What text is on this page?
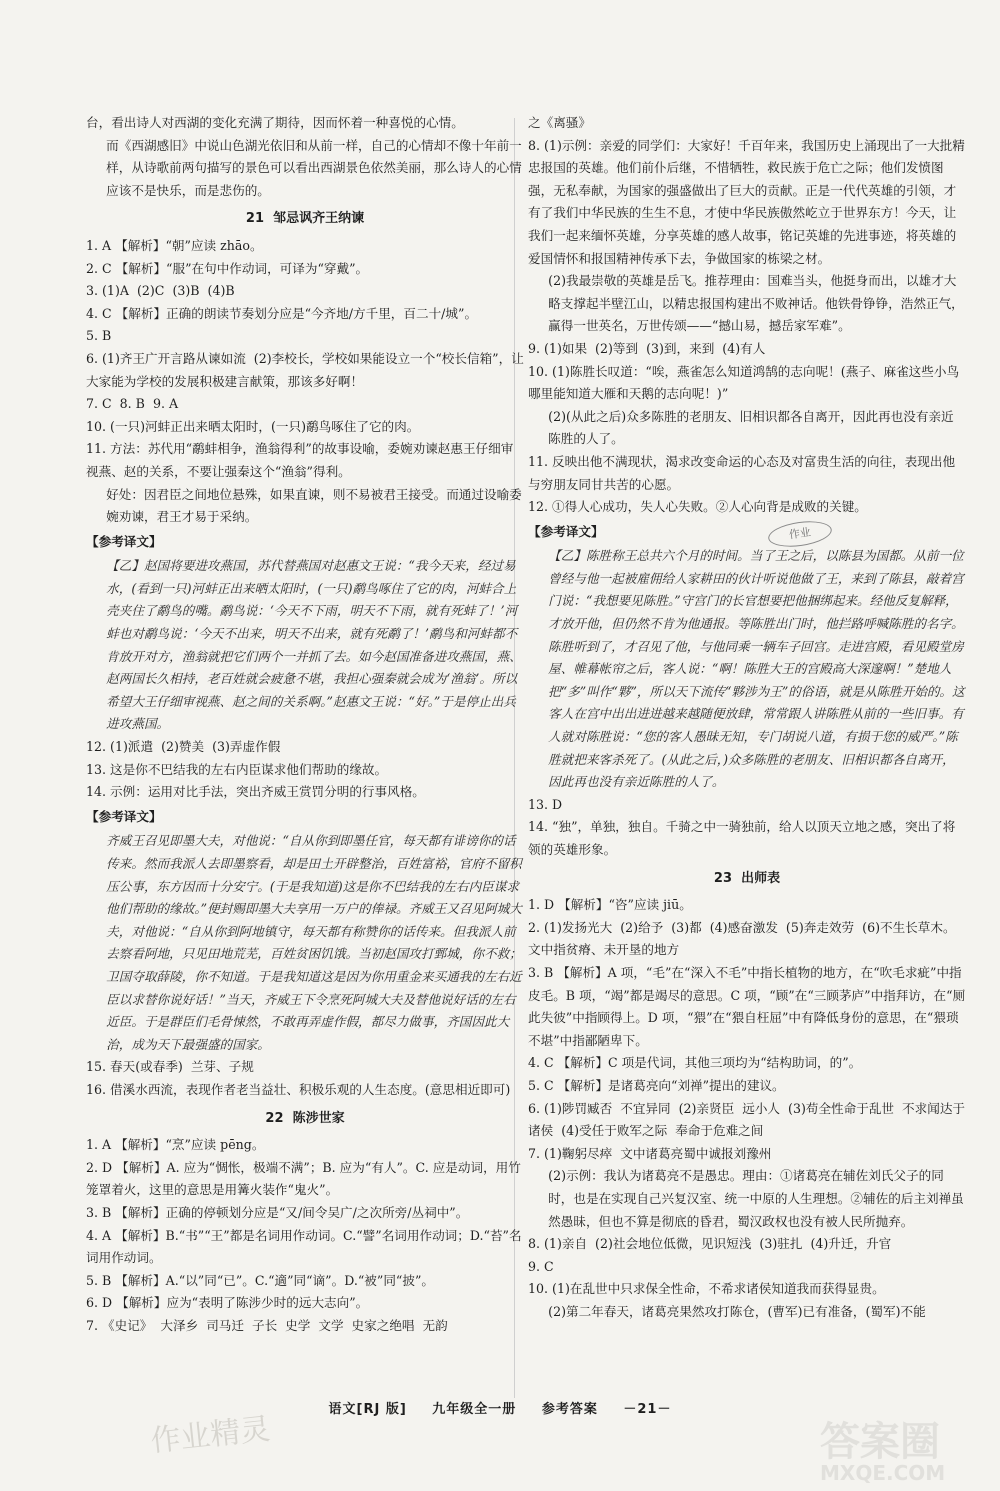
台，看出诗人对西湖的变化充满了期待，因而怀着一种喜悦的心情。
而《西湖感旧》中说山色湖光依旧和从前一样，自己的心情却不像十年前一样，从诗歌前两句描写的景色可以看出西湖景色依然美丽，那么诗人的心情应该不是快乐，而是悲伤的。
21  邹忌讽齐王纳谏
1. A 【解析】“朝”应读 zhāo。
2. C 【解析】“服”在句中作动词，可译为“穿戴”。
3. (1)A  (2)C  (3)B  (4)B
4. C 【解析】正确的朗读节奏划分应是“今齐地/方千里，百二十/城”。
5. B
6. (1)齐王广开言路从谏如流  (2)李校长，学校如果能设立一个“校长信箱”，让大家能为学校的发展积极建言献策，那该多好啊！
7. C  8. B  9. A
10. (一只)河蚌正出来晒太阳时，(一只)鹬鸟啄住了它的肉。
11. 方法：苏代用“鹬蚌相争，渔翁得利”的故事设喻，委婉劝谏赵惠王仔细审视燕、赵的关系，不要让强秦这个“渔翁”得利。
好处：因君臣之间地位悬殊，如果直谏，则不易被君王接受。而通过设喻委婉劝谏，君王才易于采纳。
【参考译文】
【乙】赵国将要进攻燕国，苏代替燕国对赵惠文王说：“我今天来，经过易水，(看到一只)河蚌正出来晒太阳时，(一只)鹬鸟啄住了它的肉，河蚌合上壳夹住了鹬鸟的嘴。鹬鸟说：‘今天不下雨，明天不下雨，就有死蚌了！’河蚌也对鹬鸟说：‘今天不出来，明天不出来，就有死鹬了！’鹬鸟和河蚌都不肯放开对方，渔翁就把它们两个一并抓了去。如今赵国准备进攻燕国，燕、赵两国长久相持，老百姓就会疲惫不堪，我担心强秦就会成为‘渔翁’。所以希望大王仔细审视燕、赵之间的关系啊。”赵惠文王说：“好。”于是停止出兵进攻燕国。
12. (1)派遣  (2)赞美  (3)弄虚作假
13. 这是你不巴结我的左右内臣谋求他们帮助的缘故。
14. 示例：运用对比手法，突出齐威王赏罚分明的行事风格。
【参考译文】
齐威王召见即墨大夫，对他说：“自从你到即墨任官，每天都有诽谤你的话传来。然而我派人去即墨察看，却是田土开辟整治，百姓富裕，官府不留积压公事，东方因而十分安宁。(于是我知道)这是你不巴结我的左右内臣谋求他们帮助的缘故。”便封赐即墨大夫享用一万户的俸禄。齐威王又召见阿城大夫，对他说：“自从你到阿地镇守，每天都有称赞你的话传来。但我派人前去察看阿地，只见田地荒芜，百姓贫困饥饿。当初赵国攻打鄄城，你不救；卫国夺取薛陵，你不知道。于是我知道这是因为你用重金来买通我的左右近臣以求替你说好话！”当天，齐威王下令烹死阿城大夫及替他说好话的左右近臣。于是群臣们毛骨悚然，不敢再弄虚作假，都尽力做事，齐国因此大治，成为天下最强盛的国家。
15. 春天(或春季)  兰芽、子规
16. 借溪水西流，表现作者老当益壮、积极乐观的人生态度。(意思相近即可)
22  陈涉世家
1. A 【解析】“烹”应读 pēng。
2. D 【解析】A. 应为“惆怅，极端不满”；B. 应为“有人”。C. 应是动词，用竹笼罩着火，这里的意思是用篝火装作“鬼火”。
3. B 【解析】正确的停顿划分应是“又/间令吴广/之次所旁/丛祠中”。
4. A 【解析】B.“书”“王”都是名词用作动词。C.“譬”名词用作动词；D.“苔”名词用作动词。
5. B 【解析】A.“以”同“已”。C.“適”同“谪”。D.“被”同“披”。
6. D 【解析】应为“表明了陈涉少时的远大志向”。
7. 《史记》  大泽乡  司马迁  子长  史学  文学  史家之绝唱  无韵
之《离骚》
8. (1)示例：亲爱的同学们：大家好！千百年来，我国历史上涌现出了一大批精忠报国的英雄。他们前仆后继，不惜牺牲，救民族于危亡之际；他们发愤图强，无私奉献，为国家的强盛做出了巨大的贡献。正是一代代英雄的引领，才有了我们中华民族的生生不息，才使中华民族傲然屹立于世界东方！今天，让我们一起来缅怀英雄，分享英雄的感人故事，铭记英雄的先进事迹，将英雄的爱国情怀和报国精神传承下去，争做国家的栋梁之材。
(2)我最崇敬的英雄是岳飞。推荐理由：国难当头，他挺身而出，以雄才大略支撑起半壁江山，以精忠报国构建出不败神话。他铁骨铮铮，浩然正气，赢得一世英名，万世传颂——“撼山易，撼岳家军难”。
9. (1)如果  (2)等到  (3)到，来到  (4)有人
10. (1)陈胜长叹道：“唉，燕雀怎么知道鸿鹄的志向呢！(燕子、麻雀这些小鸟哪里能知道大雁和天鹅的志向呢！)”
(2)(从此之后)众多陈胜的老朋友、旧相识都各自离开，因此再也没有亲近陈胜的人了。
11. 反映出他不满现状，渴求改变命运的心态及对富贵生活的向往，表现出他与穷朋友同甘共苦的心愿。
12. ①得人心成功，失人心失败。②人心向背是成败的关键。
【参考译文】
【乙】陈胜称王总共六个月的时间。当了王之后，以陈县为国都。从前一位曾经与他一起被雇佣给人家耕田的伙计听说他做了王，来到了陈县，敲着宫门说：“我想要见陈胜。”守宫门的长官想要把他捆绑起来。经他反复解释，才放开他，但仍然不肯为他通报。等陈胜出门时，他拦路呼喊陈胜的名字。陈胜听到了，才召见了他，与他同乘一辆车子回宫。走进宫殿，看见殿堂房屋、帷幕帐帘之后，客人说：“啊！陈胜大王的宫殿高大深邃啊！”楚地人把“多”叫作“夥”，所以天下流传“夥涉为王”的俗语，就是从陈胜开始的。这客人在宫中出出进进越来越随便放肆，常常跟人讲陈胜从前的一些旧事。有人就对陈胜说：“您的客人愚昧无知，专门胡说八道，有损于您的威严。”陈胜就把来客杀死了。(从此之后，)众多陈胜的老朋友、旧相识都各自离开，因此再也没有亲近陈胜的人了。
13. D
14. “独”，单独，独自。千骑之中一骑独前，给人以顶天立地之感，突出了将领的英雄形象。
23  出师表
1. D 【解析】“咨”应读 jiū。
2. (1)发扬光大  (2)给予  (3)都  (4)感奋激发  (5)奔走效劳  (6)不生长草木。文中指贫瘠、未开垦的地方
3. B 【解析】A 项，“毛”在“深入不毛”中指长植物的地方，在“吹毛求疵”中指皮毛。B 项，“竭”都是竭尽的意思。C 项，“顾”在“三顾茅庐”中指拜访，在“厕此失彼”中指顾得上。D 项，“猥”在“猥自枉屈”中有降低身份的意思，在“猥琐不堪”中指鄙陋卑下。
4. C 【解析】C 项是代词，其他三项均为“结构助词，的”。
5. C 【解析】是诸葛亮向“刘禅”提出的建议。
6. (1)陟罚臧否  不宜异同  (2)亲贤臣  远小人  (3)苟全性命于乱世  不求闻达于诸侯  (4)受任于败军之际  奉命于危难之间
7. (1)鞠躬尽瘁  文中诸葛亮蜀中诚报刘豫州
(2)示例：我认为诸葛亮不是愚忠。理由：①诸葛亮在辅佐刘氏父子的同时，也是在实现自己兴复汉室、统一中原的人生理想。②辅佐的后主刘禅虽然愚昧，但也不算是彻底的昏君，蜀汉政权也没有被人民所抛弃。
8. (1)亲自  (2)社会地位低微，见识短浅  (3)驻扎  (4)升迁，升官
9. C
10. (1)在乱世中只求保全性命，不希求诸侯知道我而获得显贵。
(2)第二年春天，诸葛亮果然攻打陈仓，(曹军)已有准备，(蜀军)不能
作业
语文[RJ 版] 九年级全一册 参考答案 －21－
作业精灵	答案圈
MXQE.COM
